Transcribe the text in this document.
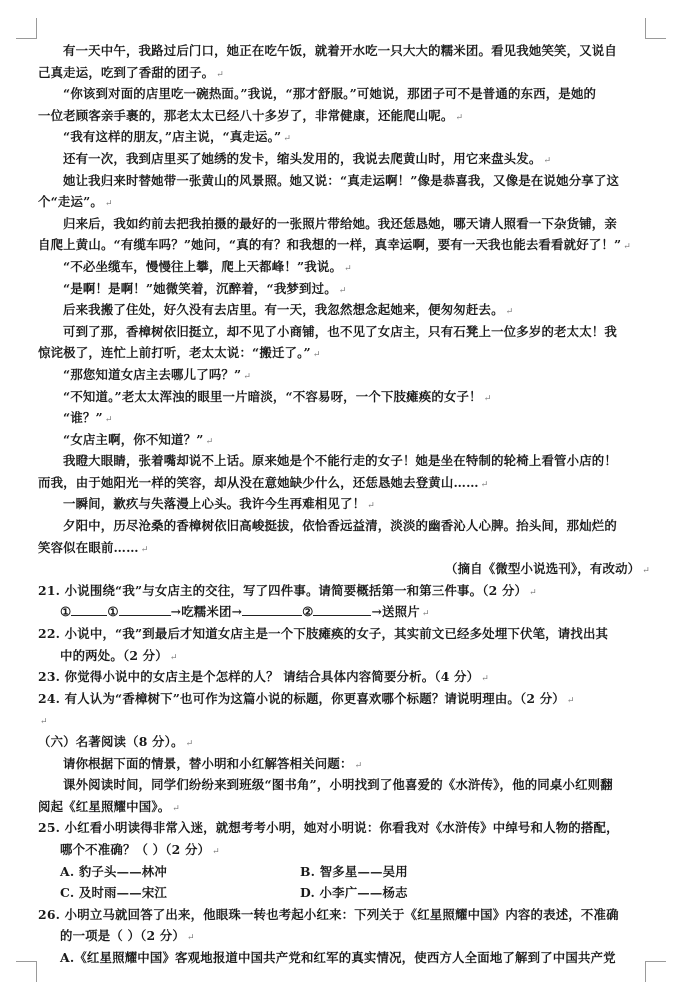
有一天中午，我路过后门口，她正在吃午饭，就着开水吃一只大大的糯米团。看见我她笑笑，又说自
己真走运，吃到了香甜的团子。 ↵
“你该到对面的店里吃一碗热面。”我说，“那才舒服。”可她说，那团子可不是普通的东西，是她的
一位老顾客亲手裹的，那老太太已经八十多岁了，非常健康，还能爬山呢。 ↵
“我有这样的朋友，”店主说，“真走运。” ↵
还有一次，我到店里买了她绣的发卡，缩头发用的，我说去爬黄山时，用它来盘头发。 ↵
她让我归来时替她带一张黄山的风景照。她又说：“真走运啊！”像是恭喜我，又像是在说她分享了这
个“走运”。 ↵
归来后，我如约前去把我拍摄的最好的一张照片带给她。我还恁恳她，哪天请人照看一下杂货铺，亲
自爬上黄山。“有缆车吗？”她问，“真的有？和我想的一样，真幸运啊，要有一天我也能去看看就好了！” ↵
“不必坐缆车，慢慢往上攀，爬上天都峰！”我说。 ↵
“是啊！是啊！”她微笑着，沉醉着，“我梦到过。 ↵
后来我搬了住处，好久没有去店里。有一天，我忽然想念起她来，便匆匆赶去。 ↵
可到了那，香樟树依旧挺立，却不见了小商铺，也不见了女店主，只有石凳上一位多岁的老太太！我
惊诧极了，连忙上前打听，老太太说：“搬迁了。” ↵
“那您知道女店主去哪儿了吗？” ↵
“不知道。”老太太浑浊的眼里一片暗淡，“不容易呀，一个下肢瘫痪的女子！ ↵
“谁？” ↵
“女店主啊，你不知道？” ↵
我瞪大眼睛，张着嘴却说不上话。原来她是个不能行走的女子！她是坐在特制的轮椅上看管小店的！
而我，由于她阳光一样的笑容，却从没在意她缺少什么，还恁恳她去登黄山…… ↵
一瞬间，歉疚与失落漫上心头。我许今生再难相见了！ ↵
夕阳中，历尽沧桑的香樟树依旧高峻挺拔，依恰香远益清，淡淡的幽香沁人心脾。抬头间，那灿烂的
笑容似在眼前…… ↵
（摘自《微型小说选刊》，有改动） ↵
21. 小说围绕“我”与女店主的交往，写了四件事。请简要概括第一和第三件事。（2 分） ↵
①	①	→吃糯米团→	②	→送照片 ↵
22. 小说中，“我”到最后才知道女店主是一个下肢瘫痪的女子，其实前文已经多处埋下伏笔，请找出其
中的两处。（2 分） ↵
23. 你觉得小说中的女店主是个怎样的人？ 请结合具体内容简要分析。（4 分） ↵
24. 有人认为“香樟树下”也可作为这篇小说的标题，你更喜欢哪个标题？请说明理由。（2 分） ↵
↵
（六）名著阅读（8 分）。 ↵
请你根据下面的情景，替小明和小红解答相关问题： ↵
课外阅读时间，同学们纷纷来到班级“图书角”，小明找到了他喜爱的《水浒传》，他的同桌小红则翻
阅起《红星照耀中国》。 ↵
25. 小红看小明读得非常入迷，就想考考小明，她对小明说：你看我对《水浒传》中绰号和人物的搭配，
哪个不准确？（ ）（2 分） ↵
A. 豹子头——林冲	B. 智多星——吴用
C. 及时雨——宋江	D. 小李广——杨志
26. 小明立马就回答了出来，他眼珠一转也考起小红来：下列关于《红星照耀中国》内容的表述，不准确
的一项是（ ）（2 分） ↵
A.《红星照耀中国》客观地报道中国共产党和红军的真实情况，使西方人全面地了解到了中国共产党
